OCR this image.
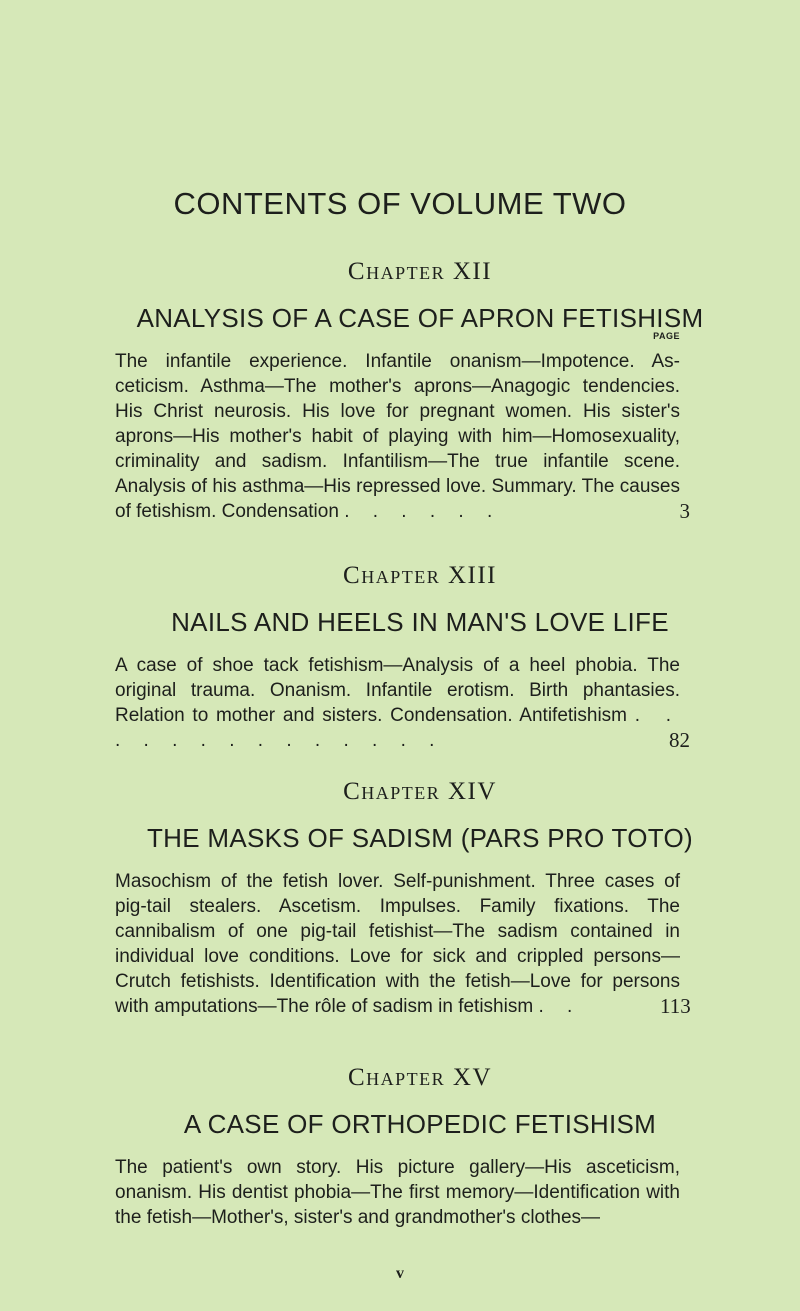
CONTENTS OF VOLUME TWO
Chapter XII
ANALYSIS OF A CASE OF APRON FETISHISM
The infantile experience. Infantile onanism—Impotence. Asceticism. Asthma—The mother's aprons—Anagogic tendencies. His Christ neurosis. His love for pregnant women. His sister's aprons—His mother's habit of playing with him—Homosexuality, criminality and sadism. Infantilism—The true infantile scene. Analysis of his asthma—His repressed love. Summary. The causes of fetishism. Condensation . . . . . .
PAGE
3
Chapter XIII
NAILS AND HEELS IN MAN'S LOVE LIFE
A case of shoe tack fetishism—Analysis of a heel phobia. The original trauma. Onanism. Infantile erotism. Birth phantasies. Relation to mother and sisters. Condensation. Antifetishism . . . . . . . . . . . . . .	82
Chapter XIV
THE MASKS OF SADISM (PARS PRO TOTO)
Masochism of the fetish lover. Self-punishment. Three cases of pig-tail stealers. Ascetism. Impulses. Family fixations. The cannibalism of one pig-tail fetishist—The sadism contained in individual love conditions. Love for sick and crippled persons—Crutch fetishists. Identification with the fetish—Love for persons with amputations—The rôle of sadism in fetishism . .	113
Chapter XV
A CASE OF ORTHOPEDIC FETISHISM
The patient's own story. His picture gallery—His asceticism, onanism. His dentist phobia—The first memory—Identification with the fetish—Mother's, sister's and grandmother's clothes—
v
